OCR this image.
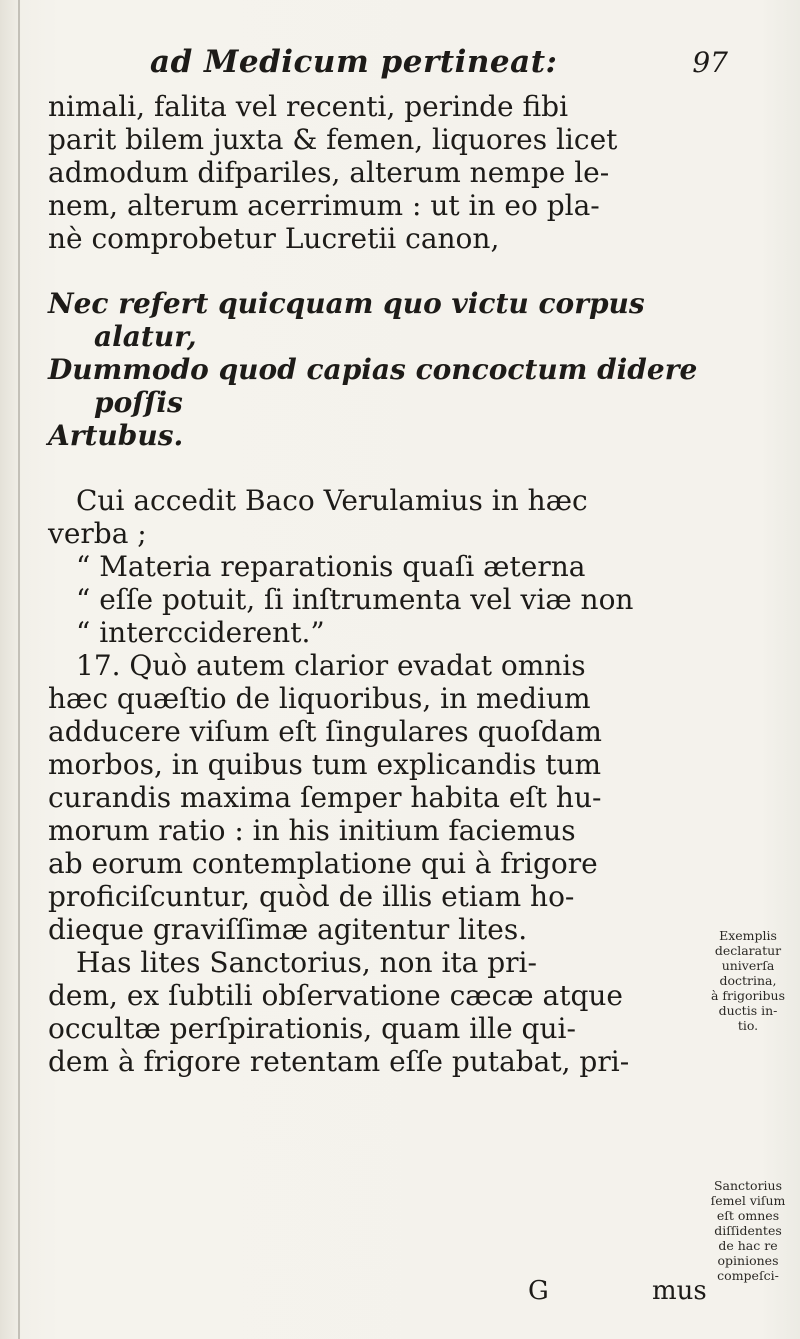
ad Medicum pertineat:	97
nimali, falita vel recenti, perinde fibi
parit bilem juxta & femen, liquores licet
admodum difpariles, alterum nempe le-
nem, alterum acerrimum : ut in eo pla-
nè comprobetur Lucretii canon,
Nec refert quicquam quo victu corpus
alatur,
Dummodo quod capias concoctum didere
poſſis
Artubus.
Cui accedit Baco Verulamius in hæc
verba ;
“ Materia reparationis quaſi æterna
“ eſſe potuit, ſi inſtrumenta vel viæ non
“ intercciderent.”
17. Quò autem clarior evadat omnis
hæc quæſtio de liquoribus, in medium
adducere viſum eſt ſingulares quoſdam
morbos, in quibus tum explicandis tum
curandis maxima ſemper habita eſt hu-
morum ratio : in his initium faciemus
ab eorum contemplatione qui à frigore
proficiſcuntur, quòd de illis etiam ho-
dieque graviſſimæ agitentur lites.
Has lites Sanctorius, non ita pri-
dem, ex ſubtili obſervatione cæcæ atque
occultæ perſpirationis, quam ille qui-
dem à frigore retentam eſſe putabat, pri-
Exemplis
declaratur
univerſa
doctrina,
à frigoribus
ductis in-
tio.
Sanctorius
ſemel viſum
eſt omnes
diſſidentes
de hac re
opiniones
compeſci-
G	mus
